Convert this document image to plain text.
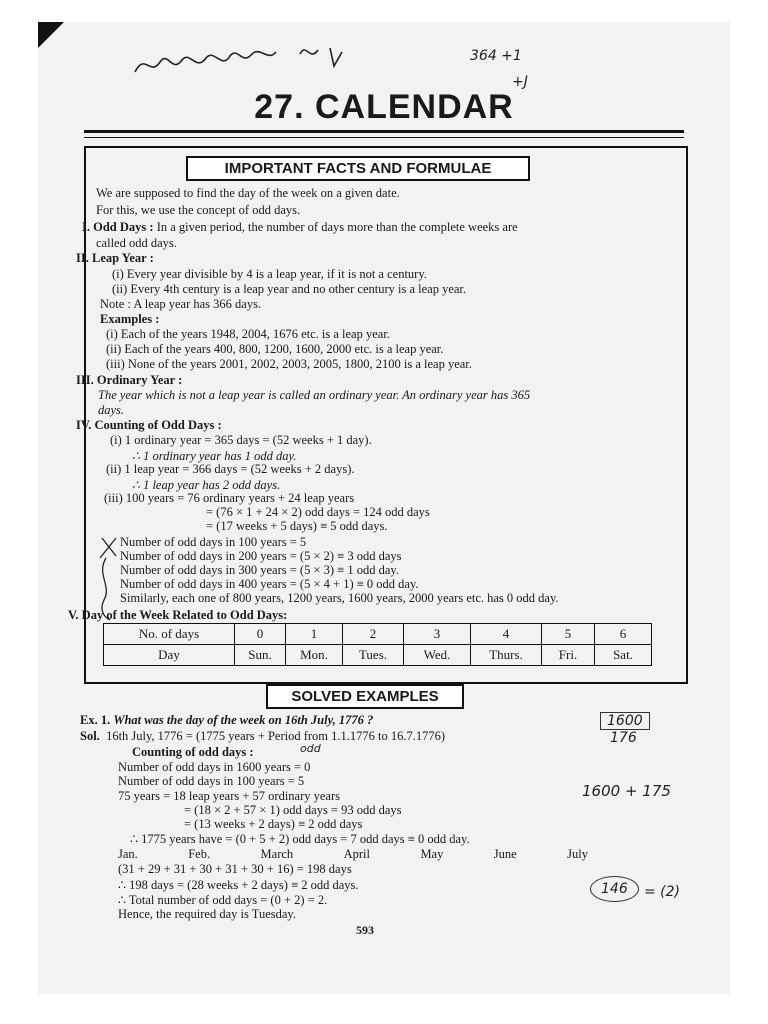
364 +1
+J
27. CALENDAR
IMPORTANT FACTS AND FORMULAE
We are supposed to find the day of the week on a given date.
For this, we use the concept of odd days.
I. Odd Days : In a given period, the number of days more than the complete weeks are
called odd days.
II. Leap Year :
(i) Every year divisible by 4 is a leap year, if it is not a century.
(ii) Every 4th century is a leap year and no other century is a leap year.
Note : A leap year has 366 days.
Examples :
(i) Each of the years 1948, 2004, 1676 etc. is a leap year.
(ii) Each of the years 400, 800, 1200, 1600, 2000 etc. is a leap year.
(iii) None of the years 2001, 2002, 2003, 2005, 1800, 2100 is a leap year.
III. Ordinary Year :
The year which is not a leap year is called an ordinary year. An ordinary year has 365
days.
IV. Counting of Odd Days :
(i) 1 ordinary year = 365 days = (52 weeks + 1 day).
∴ 1 ordinary year has 1 odd day.
(ii) 1 leap year = 366 days = (52 weeks + 2 days).
∴ 1 leap year has 2 odd days.
(iii) 100 years = 76 ordinary years + 24 leap years
= (76 × 1 + 24 × 2) odd days = 124 odd days
= (17 weeks + 5 days) ≡ 5 odd days.
Number of odd days in 100 years = 5
Number of odd days in 200 years = (5 × 2) ≡ 3 odd days
Number of odd days in 300 years = (5 × 3) ≡ 1 odd day.
Number of odd days in 400 years = (5 × 4 + 1) ≡ 0 odd day.
Similarly, each one of 800 years, 1200 years, 1600 years, 2000 years etc. has 0 odd day.
V. Day of the Week Related to Odd Days:
No. of days	0	1	2	3	4	5	6
Day	Sun.	Mon.	Tues.	Wed.	Thurs.	Fri.	Sat.
SOLVED EXAMPLES
Ex. 1. What was the day of the week on 16th July, 1776 ?
Sol. 16th July, 1776 = (1775 years + Period from 1.1.1776 to 16.7.1776)
Counting of odd days :
Number of odd days in 1600 years = 0
Number of odd days in 100 years = 5
75 years = 18 leap years + 57 ordinary years
= (18 × 2 + 57 × 1) odd days = 93 odd days
= (13 weeks + 2 days) ≡ 2 odd days
∴ 1775 years have = (0 + 5 + 2) odd days = 7 odd days ≡ 0 odd day.
Jan.	Feb.	March	April	May	June	July
(31 + 29 + 31 + 30 + 31 + 30 + 16) = 198 days
∴ 198 days = (28 weeks + 2 days) ≡ 2 odd days.
∴ Total number of odd days = (0 + 2) = 2.
Hence, the required day is Tuesday.
1600
176
1600 + 175
146	= (2)
odd
593
